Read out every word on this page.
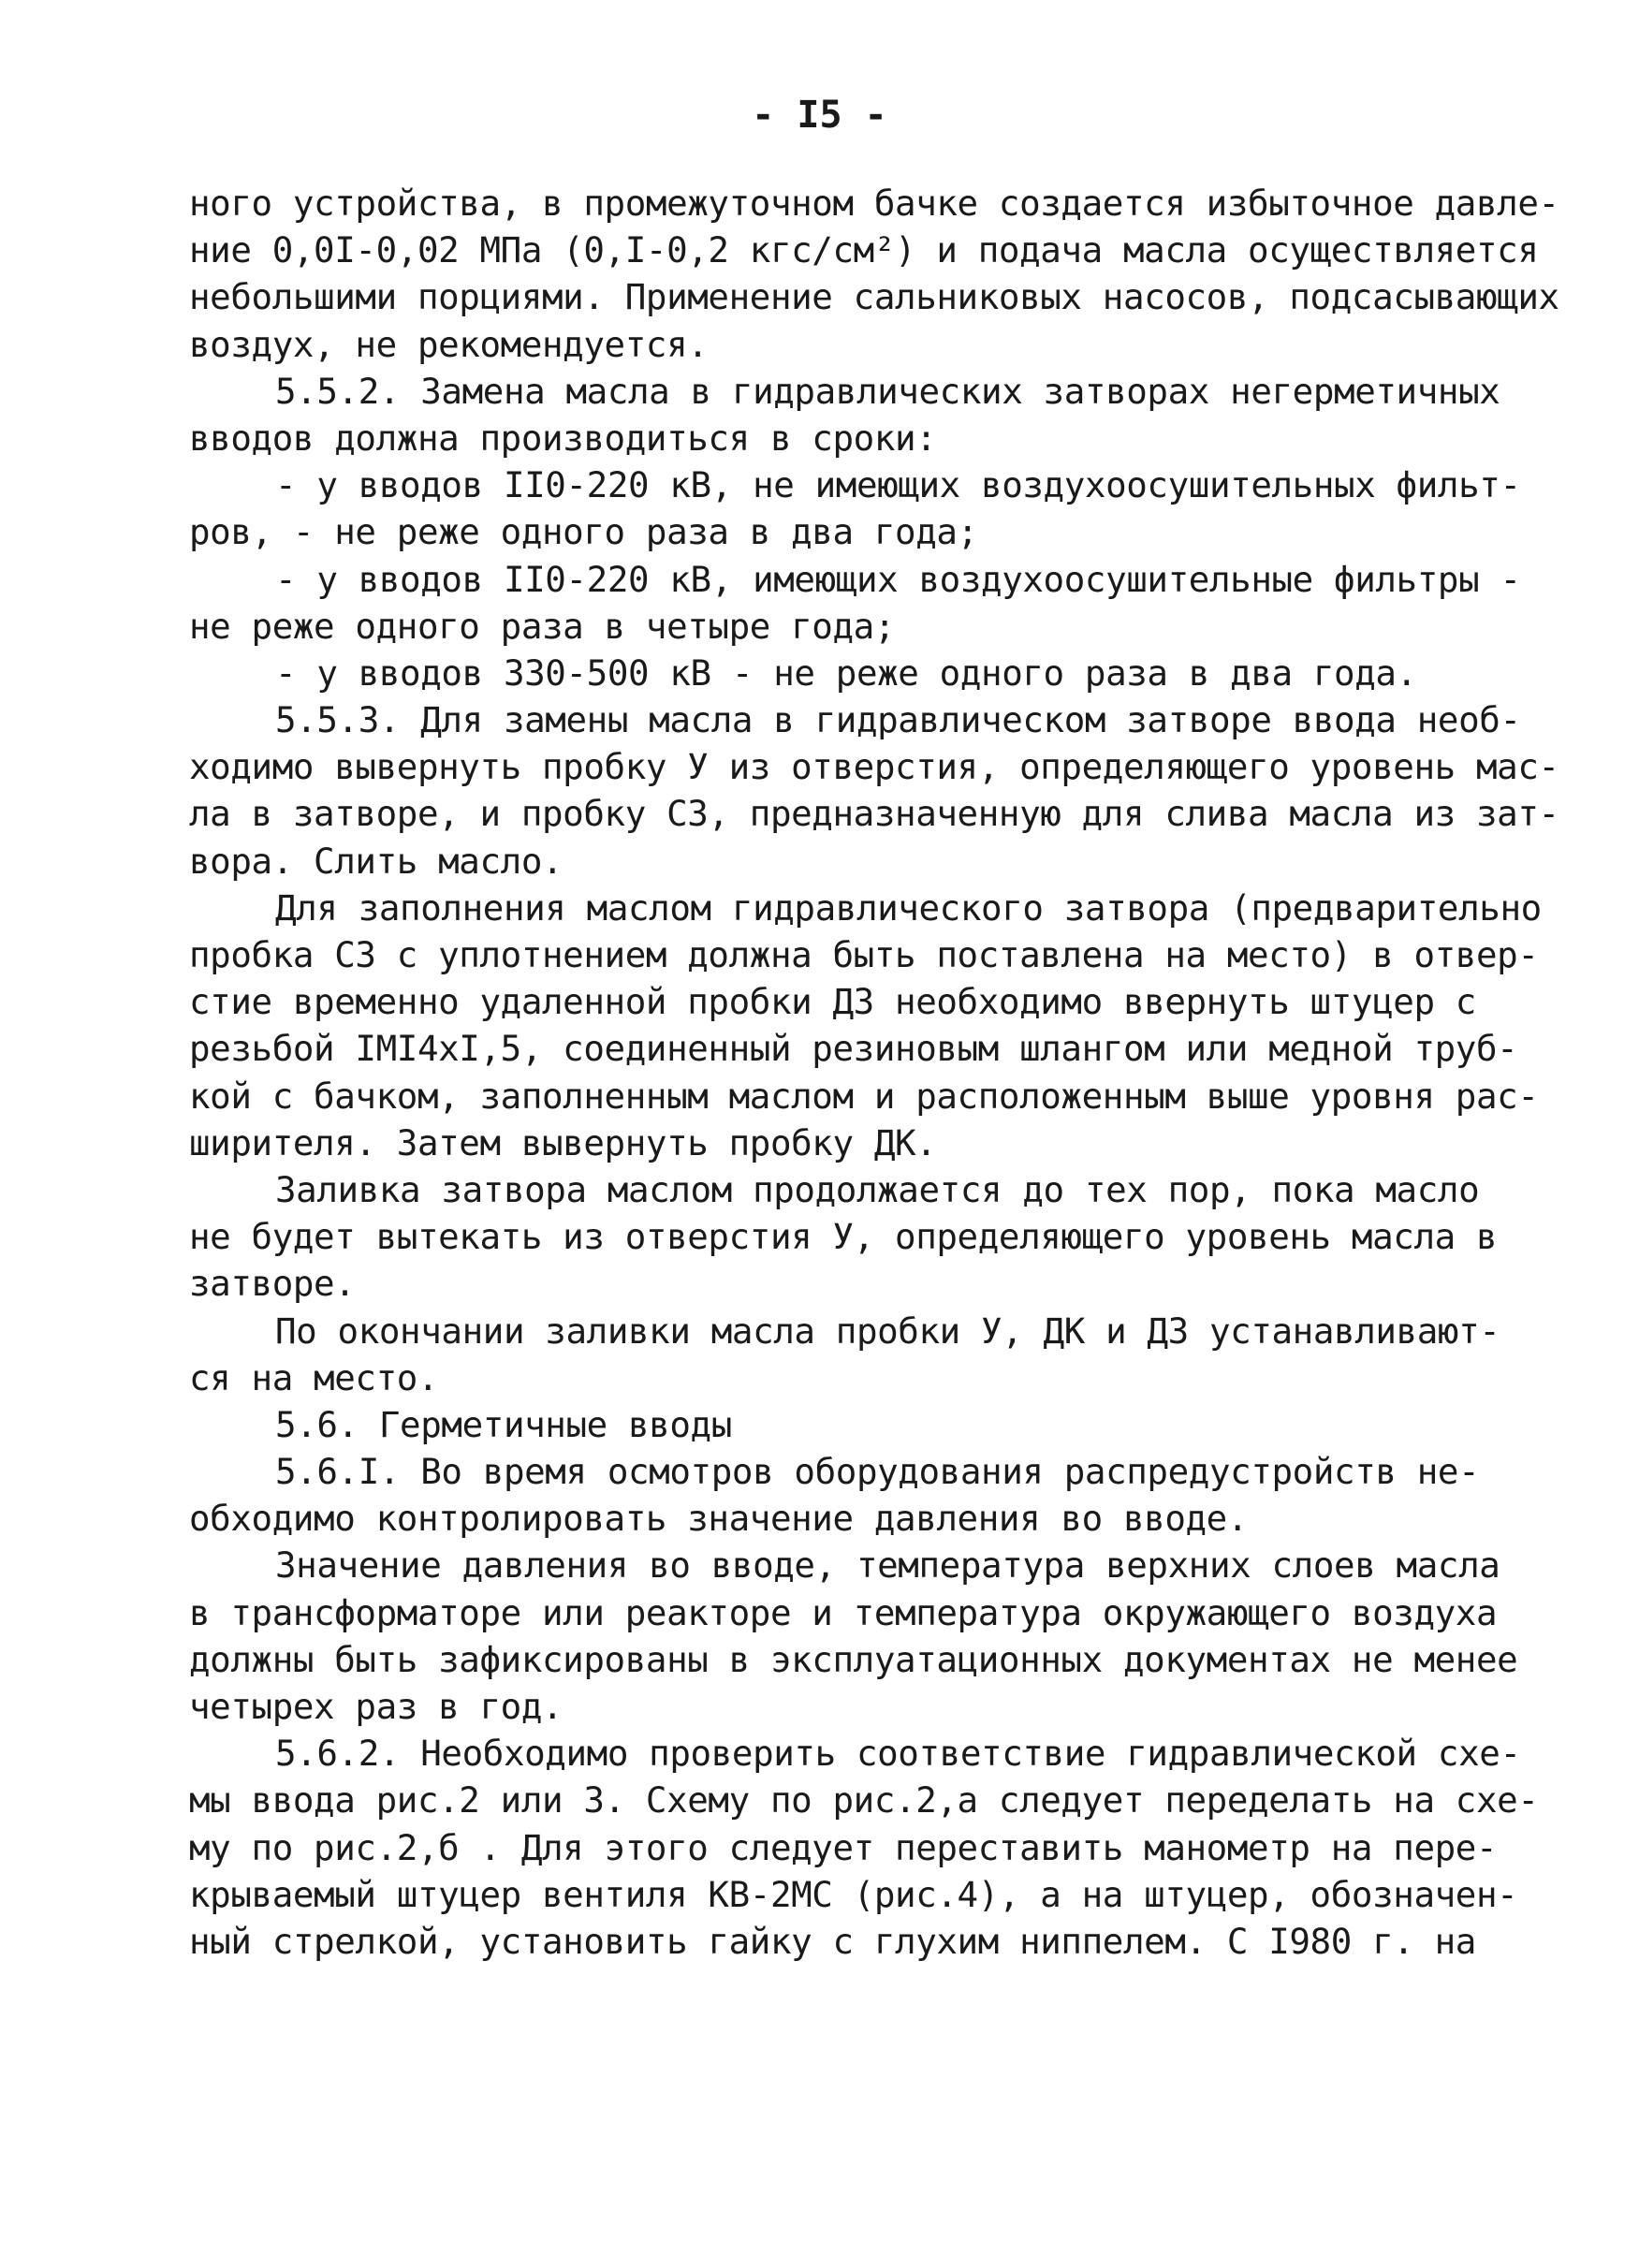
- I5 -
ного устройства, в промежуточном бачке создается избыточное давле-
ние 0,0I-0,02 МПа (0,I-0,2 кгс/см²) и подача масла осуществляется
небольшими порциями. Применение сальниковых насосов, подсасывающих
воздух, не рекомендуется.
5.5.2. Замена масла в гидравлических затворах негерметичных
вводов должна производиться в сроки:
- у вводов II0-220 кВ, не имеющих воздухоосушительных фильт-
ров, - не реже одного раза в два года;
- у вводов II0-220 кВ, имеющих воздухоосушительные фильтры -
не реже одного раза в четыре года;
- у вводов 330-500 кВ - не реже одного раза в два года.
5.5.3. Для замены масла в гидравлическом затворе ввода необ-
ходимо вывернуть пробку У из отверстия, определяющего уровень мас-
ла в затворе, и пробку СЗ, предназначенную для слива масла из зат-
вора. Слить масло.
Для заполнения маслом гидравлического затвора (предварительно
пробка СЗ с уплотнением должна быть поставлена на место) в отвер-
стие временно удаленной пробки ДЗ необходимо ввернуть штуцер с
резьбой IMI4xI,5, соединенный резиновым шлангом или медной труб-
кой с бачком, заполненным маслом и расположенным выше уровня рас-
ширителя. Затем вывернуть пробку ДК.
Заливка затвора маслом продолжается до тех пор, пока масло
не будет вытекать из отверстия У, определяющего уровень масла в
затворе.
По окончании заливки масла пробки У, ДК и ДЗ устанавливают-
ся на место.
5.6. Герметичные вводы
5.6.I. Во время осмотров оборудования распредустройств не-
обходимо контролировать значение давления во вводе.
Значение давления во вводе, температура верхних слоев масла
в трансформаторе или реакторе и температура окружающего воздуха
должны быть зафиксированы в эксплуатационных документах не менее
четырех раз в год.
5.6.2. Необходимо проверить соответствие гидравлической схе-
мы ввода рис.2 или 3. Схему по рис.2,а следует переделать на схе-
му по рис.2,б . Для этого следует переставить манометр на пере-
крываемый штуцер вентиля КВ-2МС (рис.4), а на штуцер, обозначен-
ный стрелкой, установить гайку с глухим ниппелем. С I980 г. на
